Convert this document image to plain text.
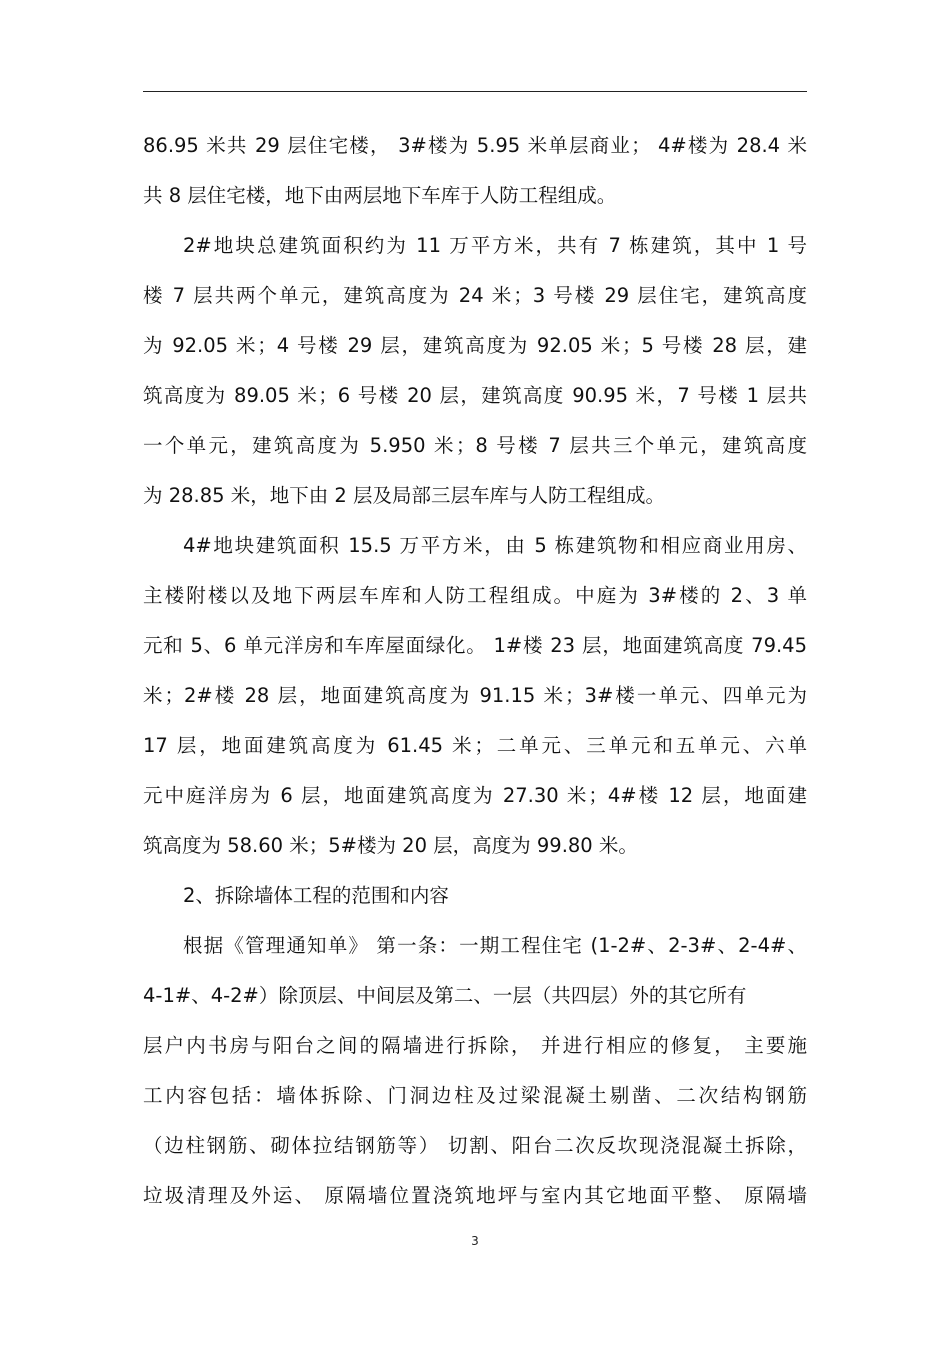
86.95 米共 29 层住宅楼， 3#楼为 5.95 米单层商业； 4#楼为 28.4 米
共 8 层住宅楼，地下由两层地下车库于人防工程组成。
2#地块总建筑面积约为 11 万平方米，共有 7 栋建筑，其中 1 号
楼 7 层共两个单元，建筑高度为 24 米；3 号楼 29 层住宅，建筑高度
为 92.05 米；4 号楼 29 层，建筑高度为 92.05 米；5 号楼 28 层，建
筑高度为 89.05 米；6 号楼 20 层，建筑高度 90.95 米，7 号楼 1 层共
一个单元，建筑高度为 5.950 米；8 号楼 7 层共三个单元，建筑高度
为 28.85 米，地下由 2 层及局部三层车库与人防工程组成。
4#地块建筑面积 15.5 万平方米，由 5 栋建筑物和相应商业用房、
主楼附楼以及地下两层车库和人防工程组成。中庭为 3#楼的 2、3 单
元和 5、6 单元洋房和车库屋面绿化。 1#楼 23 层，地面建筑高度 79.45
米；2#楼 28 层，地面建筑高度为 91.15 米；3#楼一单元、四单元为
17 层，地面建筑高度为 61.45 米；二单元、三单元和五单元、六单
元中庭洋房为 6 层，地面建筑高度为 27.30 米；4#楼 12 层，地面建
筑高度为 58.60 米；5#楼为 20 层，高度为 99.80 米。
2、拆除墙体工程的范围和内容
根据《管理通知单》 第一条：一期工程住宅 (1-2#、2-3#、2-4#、
4-1#、4-2#）除顶层、中间层及第二、一层（共四层）外的其它所有
层户内书房与阳台之间的隔墙进行拆除， 并进行相应的修复， 主要施
工内容包括：墙体拆除、门洞边柱及过梁混凝土剔凿、二次结构钢筋
（边柱钢筋、砌体拉结钢筋等） 切割、阳台二次反坎现浇混凝土拆除，
垃圾清理及外运、 原隔墙位置浇筑地坪与室内其它地面平整、 原隔墙
3
